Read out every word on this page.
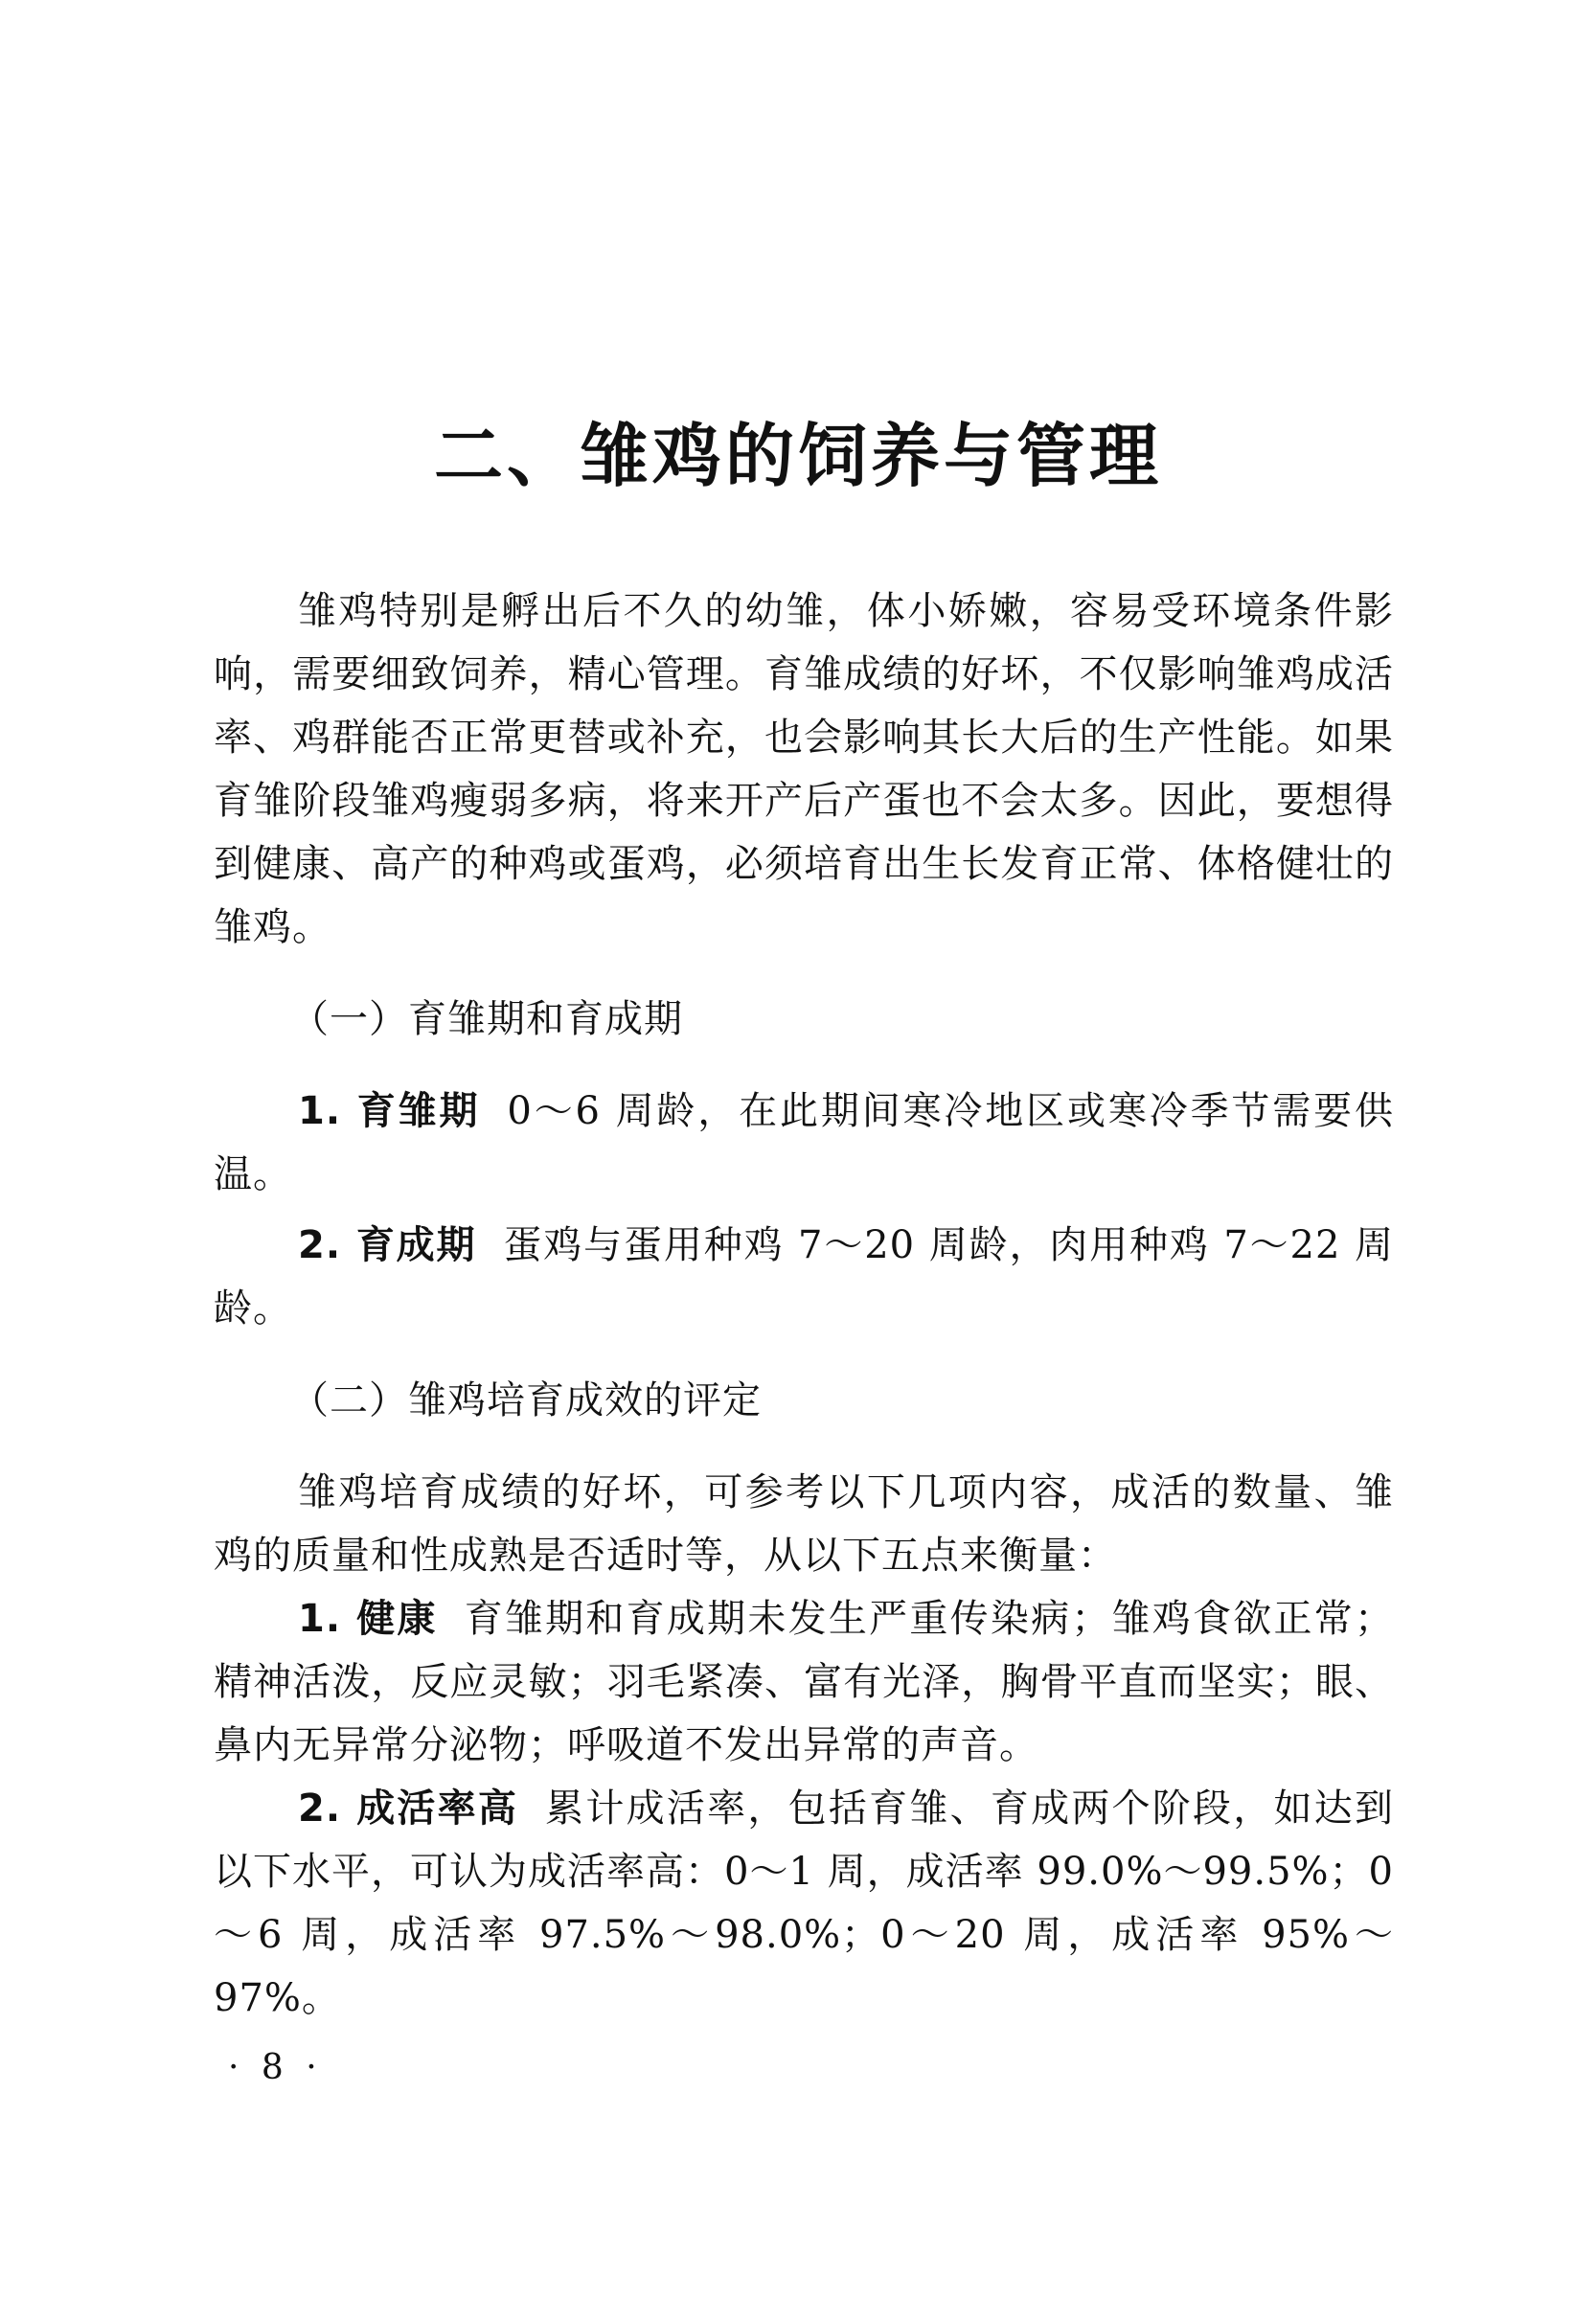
二、雏鸡的饲养与管理

雏鸡特别是孵出后不久的幼雏，体小娇嫩，容易受环境条件影响，需要细致饲养，精心管理。育雏成绩的好坏，不仅影响雏鸡成活率、鸡群能否正常更替或补充，也会影响其长大后的生产性能。如果育雏阶段雏鸡瘦弱多病，将来开产后产蛋也不会太多。因此，要想得到健康、高产的种鸡或蛋鸡，必须培育出生长发育正常、体格健壮的雏鸡。

（一）育雏期和育成期

1. 育雏期 0～6 周龄，在此期间寒冷地区或寒冷季节需要供温。

2. 育成期 蛋鸡与蛋用种鸡 7～20 周龄，肉用种鸡 7～22 周龄。

（二）雏鸡培育成效的评定

雏鸡培育成绩的好坏，可参考以下几项内容，成活的数量、雏鸡的质量和性成熟是否适时等，从以下五点来衡量：

1. 健康 育雏期和育成期未发生严重传染病；雏鸡食欲正常；精神活泼，反应灵敏；羽毛紧凑、富有光泽，胸骨平直而坚实；眼、鼻内无异常分泌物；呼吸道不发出异常的声音。

2. 成活率高 累计成活率，包括育雏、育成两个阶段，如达到以下水平，可认为成活率高：0～1 周，成活率 99.0%～99.5%；0～6 周，成活率 97.5%～98.0%；0～20 周，成活率 95%～97%。

· 8 ·
